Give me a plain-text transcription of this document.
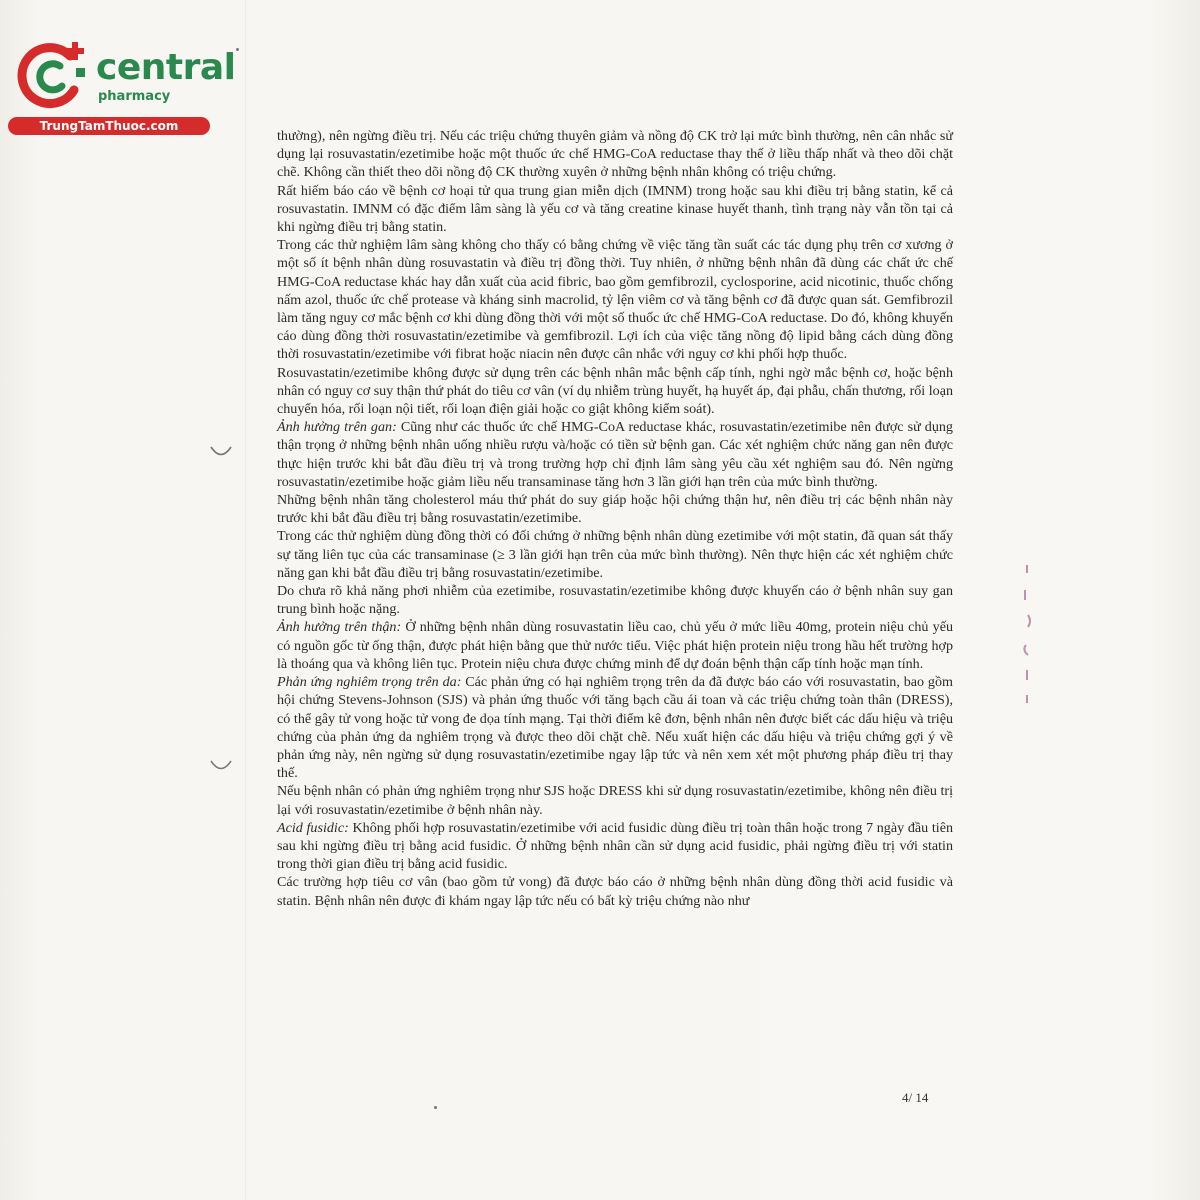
central
pharmacy
TrungTamThuoc.com

thường), nên ngừng điều trị. Nếu các triệu chứng thuyên giảm và nồng độ CK trở lại mức bình thường, nên cân nhắc sử dụng lại rosuvastatin/ezetimibe hoặc một thuốc ức chế HMG-CoA reductase thay thế ở liều thấp nhất và theo dõi chặt chẽ. Không cần thiết theo dõi nồng độ CK thường xuyên ở những bệnh nhân không có triệu chứng.

Rất hiếm báo cáo về bệnh cơ hoại tử qua trung gian miễn dịch (IMNM) trong hoặc sau khi điều trị bằng statin, kể cả rosuvastatin. IMNM có đặc điểm lâm sàng là yếu cơ và tăng creatine kinase huyết thanh, tình trạng này vẫn tồn tại cả khi ngừng điều trị bằng statin.

Trong các thử nghiệm lâm sàng không cho thấy có bằng chứng về việc tăng tần suất các tác dụng phụ trên cơ xương ở một số ít bệnh nhân dùng rosuvastatin và điều trị đồng thời. Tuy nhiên, ở những bệnh nhân đã dùng các chất ức chế HMG-CoA reductase khác hay dẫn xuất của acid fibric, bao gồm gemfibrozil, cyclosporine, acid nicotinic, thuốc chống nấm azol, thuốc ức chế protease và kháng sinh macrolid, tỷ lện viêm cơ và tăng bệnh cơ đã được quan sát. Gemfibrozil làm tăng nguy cơ mắc bệnh cơ khi dùng đồng thời với một số thuốc ức chế HMG-CoA reductase. Do đó, không khuyến cáo dùng đồng thời rosuvastatin/ezetimibe và gemfibrozil. Lợi ích của việc tăng nồng độ lipid bằng cách dùng đồng thời rosuvastatin/ezetimibe với fibrat hoặc niacin nên được cân nhắc với nguy cơ khi phối hợp thuốc.

Rosuvastatin/ezetimibe không được sử dụng trên các bệnh nhân mắc bệnh cấp tính, nghi ngờ mắc bệnh cơ, hoặc bệnh nhân có nguy cơ suy thận thứ phát do tiêu cơ vân (ví dụ nhiễm trùng huyết, hạ huyết áp, đại phẫu, chấn thương, rối loạn chuyển hóa, rối loạn nội tiết, rối loạn điện giải hoặc co giật không kiểm soát).

Ảnh hưởng trên gan: Cũng như các thuốc ức chế HMG-CoA reductase khác, rosuvastatin/ezetimibe nên được sử dụng thận trọng ở những bệnh nhân uống nhiều rượu và/hoặc có tiền sử bệnh gan. Các xét nghiệm chức năng gan nên được thực hiện trước khi bắt đầu điều trị và trong trường hợp chỉ định lâm sàng yêu cầu xét nghiệm sau đó. Nên ngừng rosuvastatin/ezetimibe hoặc giảm liều nếu transaminase tăng hơn 3 lần giới hạn trên của mức bình thường.

Những bệnh nhân tăng cholesterol máu thứ phát do suy giáp hoặc hội chứng thận hư, nên điều trị các bệnh nhân này trước khi bắt đầu điều trị bằng rosuvastatin/ezetimibe.

Trong các thử nghiệm dùng đồng thời có đối chứng ở những bệnh nhân dùng ezetimibe với một statin, đã quan sát thấy sự tăng liên tục của các transaminase (≥ 3 lần giới hạn trên của mức bình thường). Nên thực hiện các xét nghiệm chức năng gan khi bắt đầu điều trị bằng rosuvastatin/ezetimibe.

Do chưa rõ khả năng phơi nhiễm của ezetimibe, rosuvastatin/ezetimibe không được khuyến cáo ở bệnh nhân suy gan trung bình hoặc nặng.

Ảnh hưởng trên thận: Ở những bệnh nhân dùng rosuvastatin liều cao, chủ yếu ở mức liều 40mg, protein niệu chủ yếu có nguồn gốc từ ống thận, được phát hiện bằng que thử nước tiểu. Việc phát hiện protein niệu trong hầu hết trường hợp là thoáng qua và không liên tục. Protein niệu chưa được chứng minh để dự đoán bệnh thận cấp tính hoặc mạn tính.

Phản ứng nghiêm trọng trên da: Các phản ứng có hại nghiêm trọng trên da đã được báo cáo với rosuvastatin, bao gồm hội chứng Stevens-Johnson (SJS) và phản ứng thuốc với tăng bạch cầu ái toan và các triệu chứng toàn thân (DRESS), có thể gây tử vong hoặc tử vong đe dọa tính mạng. Tại thời điểm kê đơn, bệnh nhân nên được biết các dấu hiệu và triệu chứng của phản ứng da nghiêm trọng và được theo dõi chặt chẽ. Nếu xuất hiện các dấu hiệu và triệu chứng gợi ý về phản ứng này, nên ngừng sử dụng rosuvastatin/ezetimibe ngay lập tức và nên xem xét một phương pháp điều trị thay thế.

Nếu bệnh nhân có phản ứng nghiêm trọng như SJS hoặc DRESS khi sử dụng rosuvastatin/ezetimibe, không nên điều trị lại với rosuvastatin/ezetimibe ở bệnh nhân này.

Acid fusidic: Không phối hợp rosuvastatin/ezetimibe với acid fusidic dùng điều trị toàn thân hoặc trong 7 ngày đầu tiên sau khi ngừng điều trị bằng acid fusidic. Ở những bệnh nhân cần sử dụng acid fusidic, phải ngừng điều trị với statin trong thời gian điều trị bằng acid fusidic.

Các trường hợp tiêu cơ vân (bao gồm tử vong) đã được báo cáo ở những bệnh nhân dùng đồng thời acid fusidic và statin. Bệnh nhân nên được đi khám ngay lập tức nếu có bất kỳ triệu chứng nào như

4/ 14
